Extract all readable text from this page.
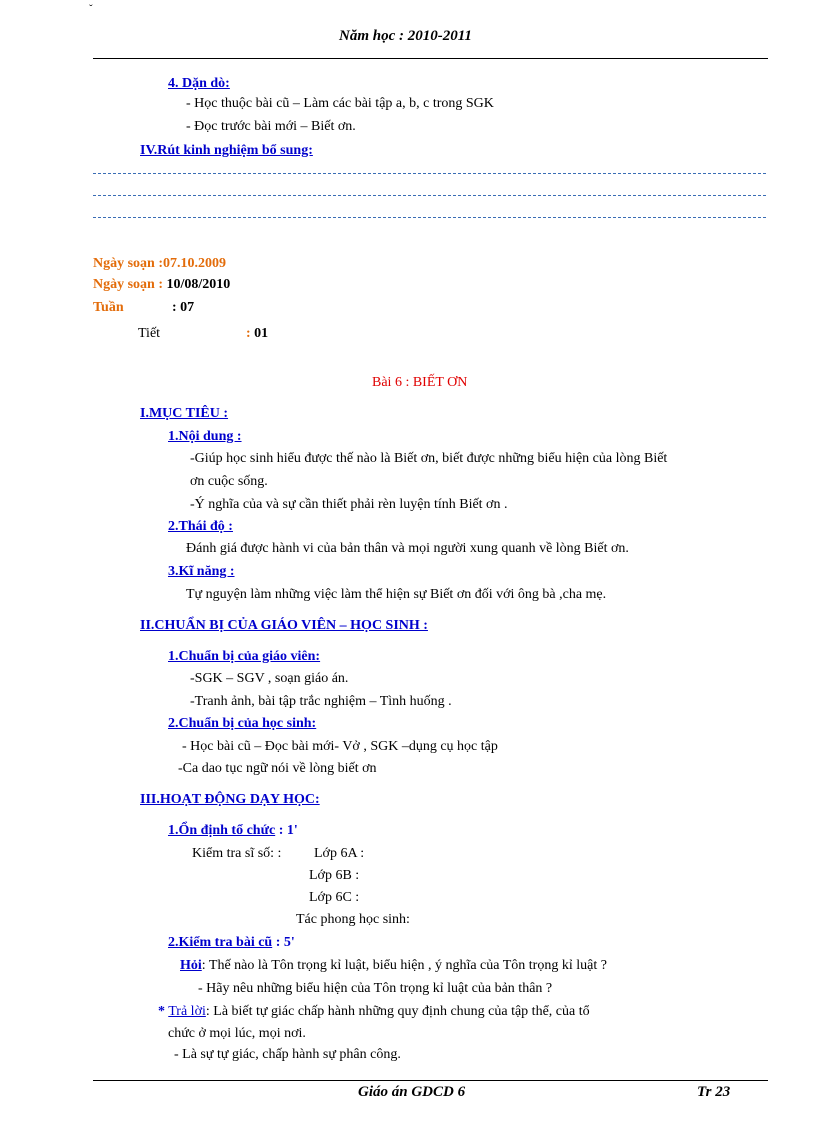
ˇ
Năm học : 2010-2011
4. Dặn dò:
- Học thuộc bài cũ – Làm các bài tập a, b, c trong SGK
- Đọc trước bài mới – Biết ơn.
IV.Rút kinh nghiệm bổ sung:
Ngày soạn :07.10.2009
Ngày soạn : 10/08/2010
Tuần	: 07
Tiết	: 01
Bài 6 : BIẾT ƠN
I.MỤC TIÊU :
1.Nội dung :
-Giúp học sinh hiểu được thế nào là Biết ơn, biết được những biểu hiện của lòng Biết
ơn cuộc sống.
-Ý nghĩa của và sự cần thiết phải rèn luyện tính Biết ơn .
2.Thái độ :
Đánh giá được hành vi của bản thân và mọi người xung quanh về lòng Biết ơn.
3.Kĩ năng :
Tự nguyện làm những việc làm thể hiện sự Biết ơn đối với ông bà ,cha mẹ.
II.CHUẨN BỊ CỦA GIÁO VIÊN – HỌC SINH :
1.Chuẩn bị của giáo viên:
-SGK – SGV , soạn giáo án.
-Tranh ảnh, bài tập trắc nghiệm – Tình huống .
2.Chuẩn bị của học sinh:
- Học bài cũ – Đọc bài mới- Vở , SGK –dụng cụ học tập
-Ca dao tục ngữ nói về lòng biết ơn
III.HOẠT ĐỘNG DẠY HỌC:
1.Ổn định tổ chức : 1'
Kiểm tra sĩ số: : Lớp 6A :
Lớp 6B :
Lớp 6C :
Tác phong học sinh:
2.Kiểm tra bài cũ : 5'
Hỏi: Thế nào là Tôn trọng kỉ luật, biểu hiện , ý nghĩa của Tôn trọng kỉ luật ?
- Hãy nêu những biểu hiện của Tôn trọng kỉ luật của bản thân ?
* Trả lời: Là biết tự giác chấp hành những quy định chung của tập thể, của tổ
chức ở mọi lúc, mọi nơi.
- Là sự tự giác, chấp hành sự phân công.
Giáo án GDCD 6	Tr 23
